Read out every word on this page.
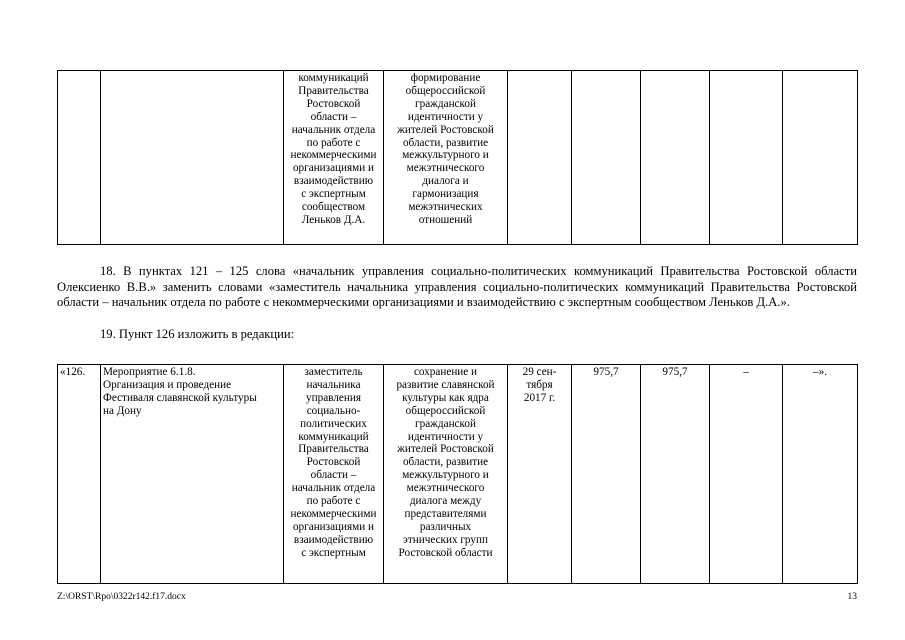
		коммуникаций
Правительства
Ростовской
области –
начальник отдела
по работе с
некоммерческими
организациями и
взаимодействию
с экспертным
сообществом
Леньков Д.А.	формирование
общероссийской
гражданской
идентичности у
жителей Ростовской
области, развитие
межкультурного и
межэтнического
диалога и
гармонизация
межэтнических
отношений					
18. В пунктах 121 – 125 слова «начальник управления социально-политических коммуникаций Правительства Ростовской области Олексиенко В.В.» заменить словами «заместитель начальника управления социально-политических коммуникаций Правительства Ростовской области – начальник отдела по работе с некоммерческими организациями и взаимодействию с экспертным сообществом Леньков Д.А.».
19. Пункт 126 изложить в редакции:
«126.	Мероприятие 6.1.8.
Организация и проведение
Фестиваля славянской культуры
на Дону	заместитель
начальника
управления
социально-
политических
коммуникаций
Правительства
Ростовской
области –
начальник отдела
по работе с
некоммерческими
организациями и
взаимодействию
с экспертным	сохранение и
развитие славянской
культуры как ядра
общероссийской
гражданской
идентичности у
жителей Ростовской
области, развитие
межкультурного и
межэтнического
диалога между
представителями
различных
этнических групп
Ростовской области	29 сен-
тября
2017 г.	975,7	975,7	–	–».
Z:\ORST\Rpo\0322r142.f17.docx	13
